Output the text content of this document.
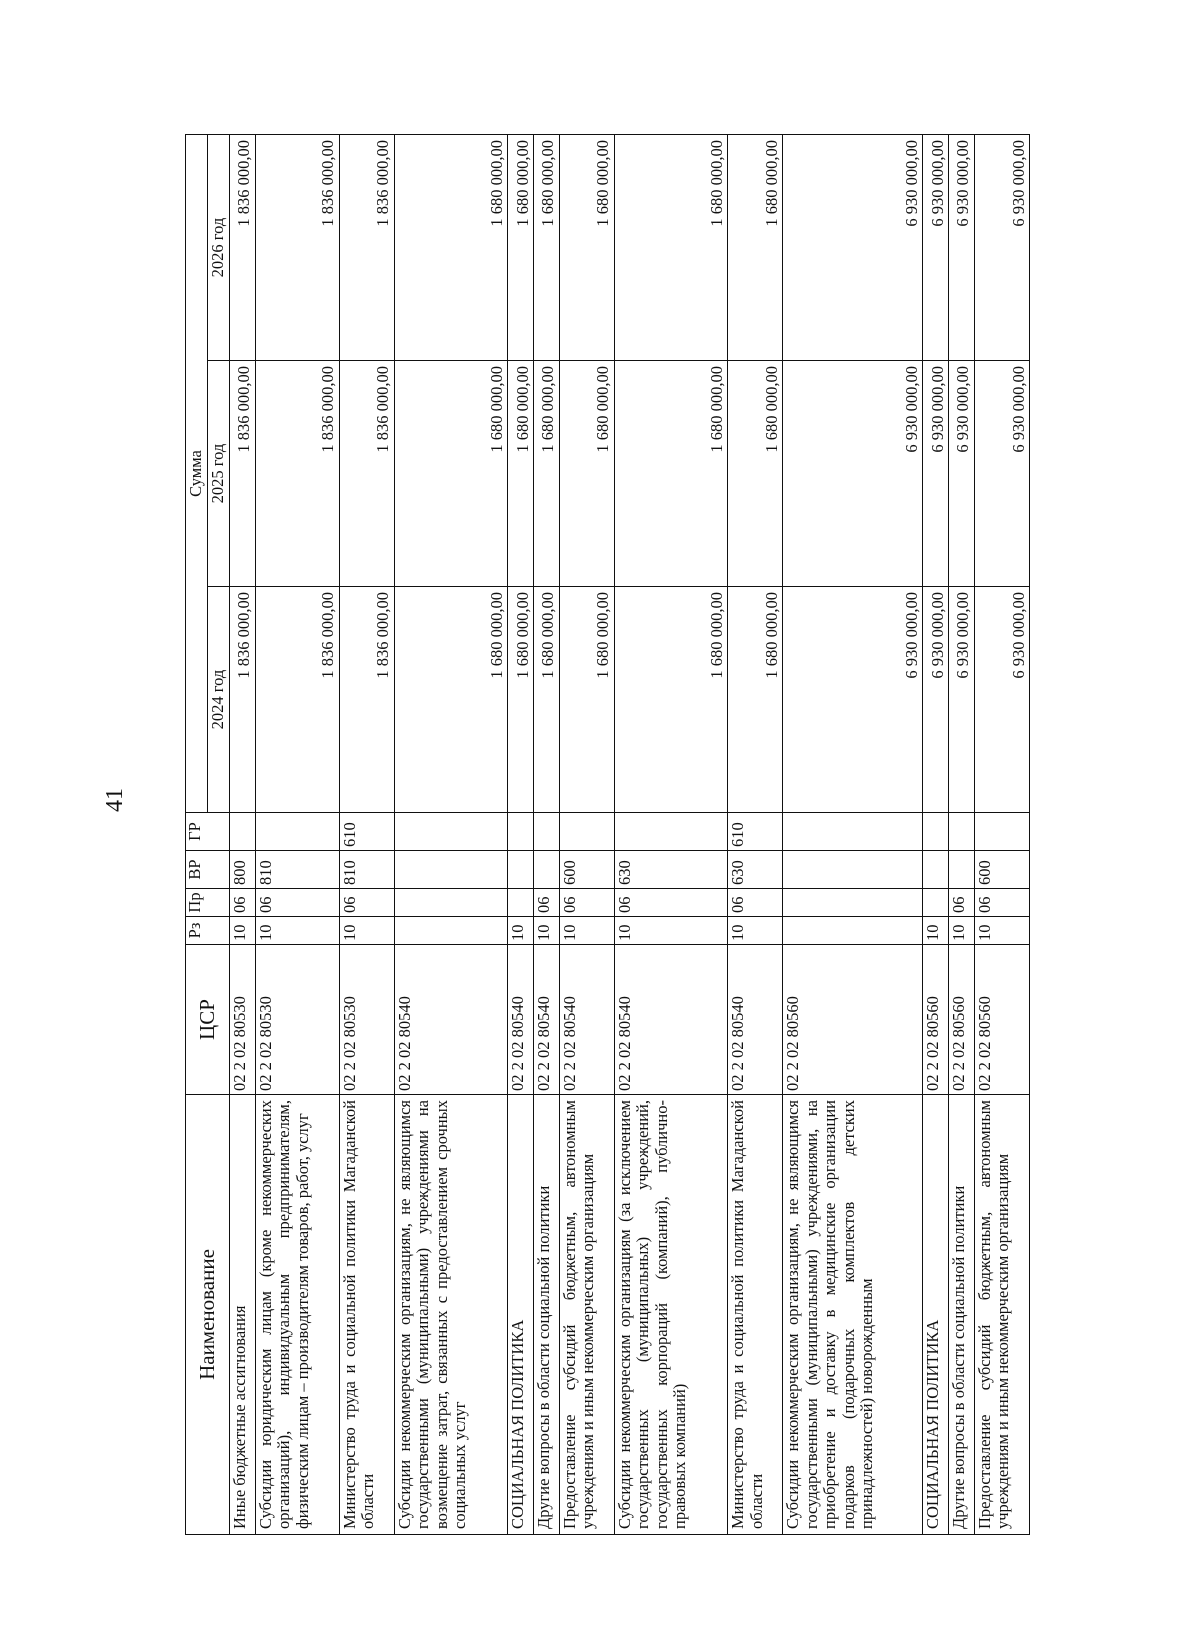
41
Наименование	ЦСР	Рз	Пр	ВР	ГР	Сумма		
						2024 год	2025 год	2026 год
Иные бюджетные ассигнования	02 2 02 80530	10	06	800		1 836 000,00	1 836 000,00	1 836 000,00
Субсидии юридическим лицам (кроме некоммерческих организаций), индивидуальным предпринимателям, физическим лицам – производителям товаров, работ, услуг	02 2 02 80530	10	06	810		1 836 000,00	1 836 000,00	1 836 000,00
Министерство труда и социальной политики Магаданской области	02 2 02 80530	10	06	810	610	1 836 000,00	1 836 000,00	1 836 000,00
Субсидии некоммерческим организациям, не являющимся государственными (муниципальными) учреждениями на возмещение затрат, связанных с предоставлением срочных социальных услуг	02 2 02 80540					1 680 000,00	1 680 000,00	1 680 000,00
СОЦИАЛЬНАЯ ПОЛИТИКА	02 2 02 80540	10				1 680 000,00	1 680 000,00	1 680 000,00
Другие вопросы в области социальной политики	02 2 02 80540	10	06			1 680 000,00	1 680 000,00	1 680 000,00
Предоставление субсидий бюджетным, автономным учреждениям и иным некоммерческим организациям	02 2 02 80540	10	06	600		1 680 000,00	1 680 000,00	1 680 000,00
Субсидии некоммерческим организациям (за исключением государственных (муниципальных) учреждений, государственных корпораций (компаний), публично-правовых компаний)	02 2 02 80540	10	06	630		1 680 000,00	1 680 000,00	1 680 000,00
Министерство труда и социальной политики Магаданской области	02 2 02 80540	10	06	630	610	1 680 000,00	1 680 000,00	1 680 000,00
Субсидии некоммерческим организациям, не являющимся государственными (муниципальными) учреждениями, на приобретение и доставку в медицинские организации подарков (подарочных комплектов детских принадлежностей) новорожденным	02 2 02 80560					6 930 000,00	6 930 000,00	6 930 000,00
СОЦИАЛЬНАЯ ПОЛИТИКА	02 2 02 80560	10				6 930 000,00	6 930 000,00	6 930 000,00
Другие вопросы в области социальной политики	02 2 02 80560	10	06			6 930 000,00	6 930 000,00	6 930 000,00
Предоставление субсидий бюджетным, автономным учреждениям и иным некоммерческим организациям	02 2 02 80560	10	06	600		6 930 000,00	6 930 000,00	6 930 000,00
